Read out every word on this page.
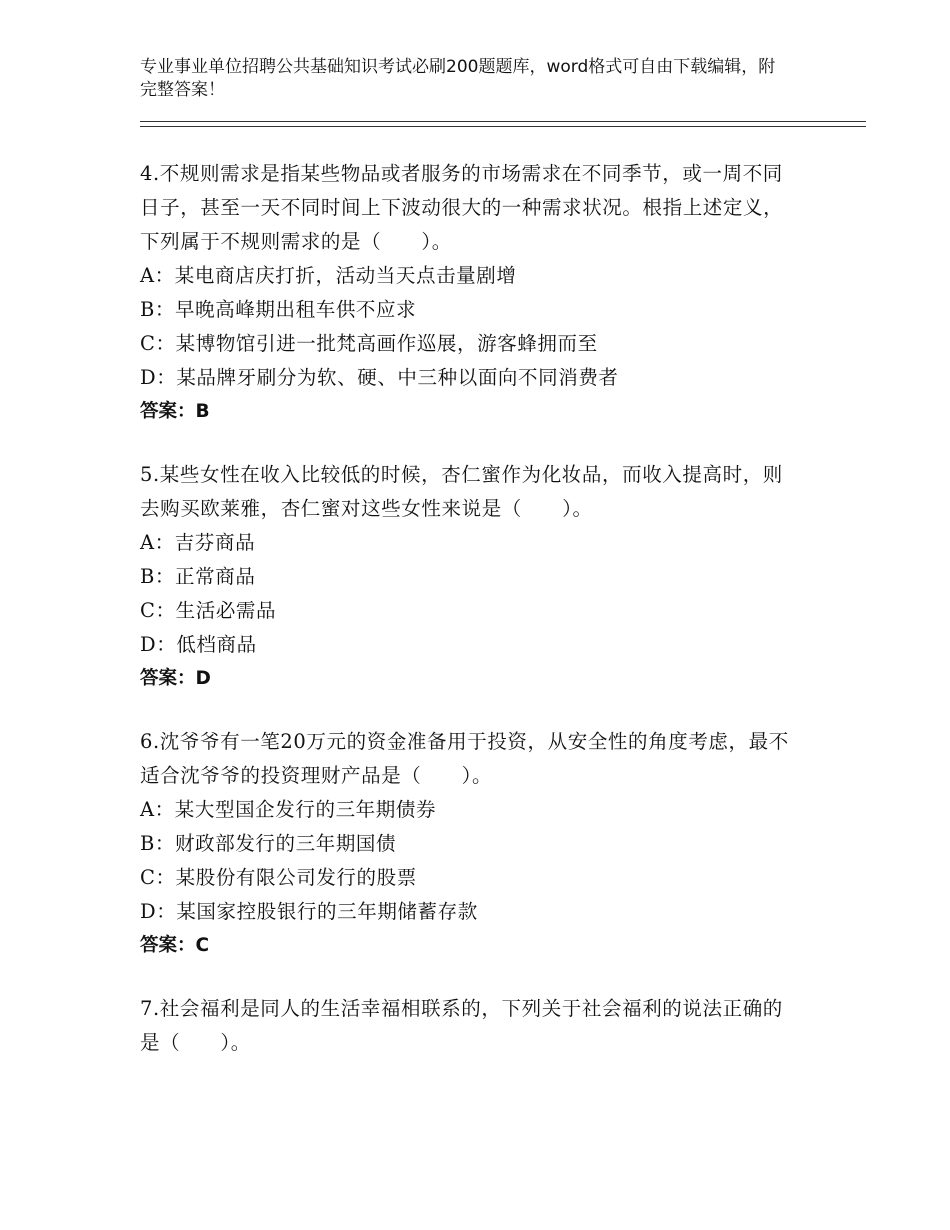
专业事业单位招聘公共基础知识考试必刷200题题库，word格式可自由下载编辑，附完整答案！
4.不规则需求是指某些物品或者服务的市场需求在不同季节，或一周不同日子，甚至一天不同时间上下波动很大的一种需求状况。根指上述定义，下列属于不规则需求的是（　　）。
A：某电商店庆打折，活动当天点击量剧增
B：早晚高峰期出租车供不应求
C：某博物馆引进一批梵高画作巡展，游客蜂拥而至
D：某品牌牙刷分为软、硬、中三种以面向不同消费者
答案：B
5.某些女性在收入比较低的时候，杏仁蜜作为化妆品，而收入提高时，则去购买欧莱雅，杏仁蜜对这些女性来说是（　　）。
A：吉芬商品
B：正常商品
C：生活必需品
D：低档商品
答案：D
6.沈爷爷有一笔20万元的资金准备用于投资，从安全性的角度考虑，最不适合沈爷爷的投资理财产品是（　　）。
A：某大型国企发行的三年期债券
B：财政部发行的三年期国债
C：某股份有限公司发行的股票
D：某国家控股银行的三年期储蓄存款
答案：C
7.社会福利是同人的生活幸福相联系的，下列关于社会福利的说法正确的是（　　）。
